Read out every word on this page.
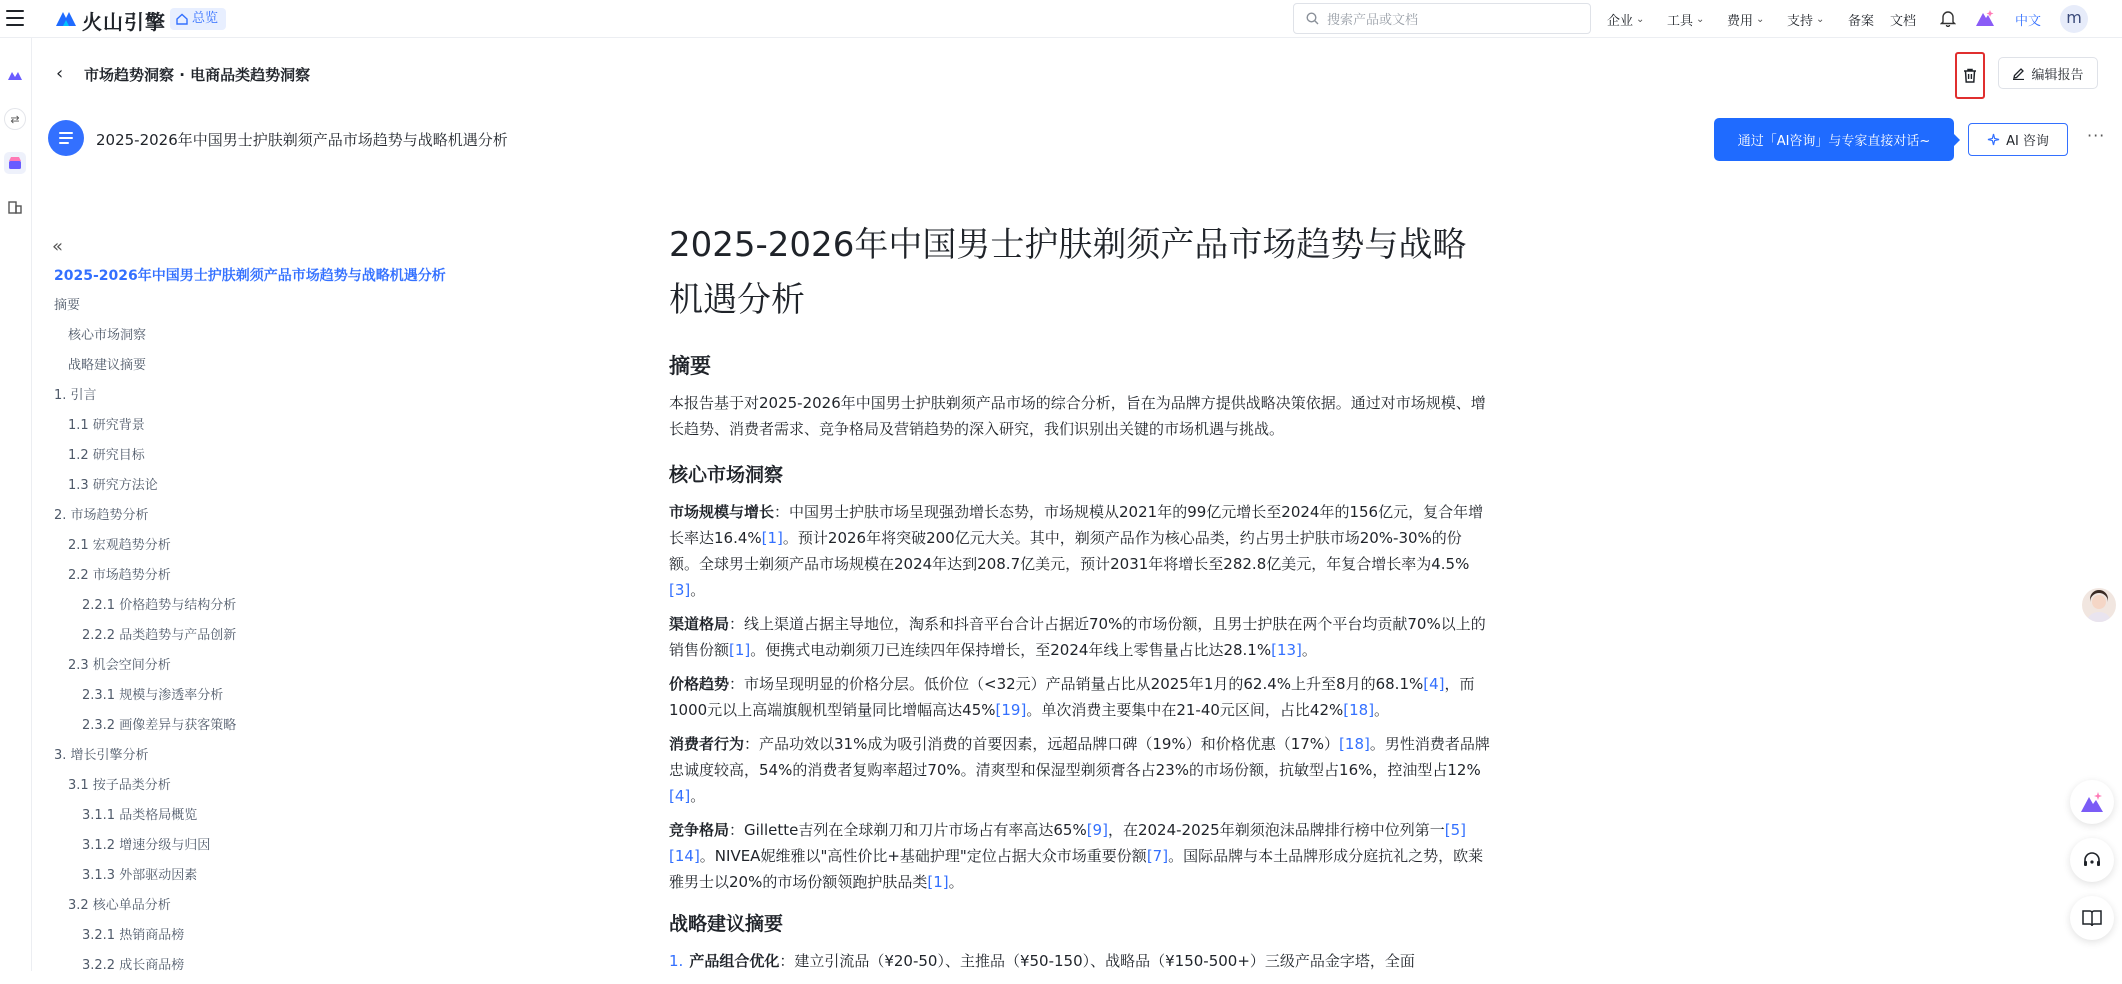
火山引擎 总览	搜索产品或文档	企业 ⌄ 工具 ⌄ 费用 ⌄ 支持 ⌄ 备案 文档	中文	m
⇄
‹ 市场趋势洞察 · 电商品类趋势洞察	编辑报告
2025-2026年中国男士护肤剃须产品市场趋势与战略机遇分析	通过「AI咨询」与专家直接对话~	AI 咨询 ···
«
2025-2026年中国男士护肤剃须产品市场趋势与战略机遇分析
摘要
核心市场洞察
战略建议摘要
1. 引言
1.1 研究背景
1.2 研究目标
1.3 研究方法论
2. 市场趋势分析
2.1 宏观趋势分析
2.2 市场趋势分析
2.2.1 价格趋势与结构分析
2.2.2 品类趋势与产品创新
2.3 机会空间分析
2.3.1 规模与渗透率分析
2.3.2 画像差异与获客策略
3. 增长引擎分析
3.1 按子品类分析
3.1.1 品类格局概览
3.1.2 增速分级与归因
3.1.3 外部驱动因素
3.2 核心单品分析
3.2.1 热销商品榜
3.2.2 成长商品榜
2025-2026年中国男士护肤剃须产品市场趋势与战略机遇分析
摘要
本报告基于对2025-2026年中国男士护肤剃须产品市场的综合分析，旨在为品牌方提供战略决策依据。通过对市场规模、增长趋势、消费者需求、竞争格局及营销趋势的深入研究，我们识别出关键的市场机遇与挑战。
核心市场洞察
市场规模与增长：中国男士护肤市场呈现强劲增长态势，市场规模从2021年的99亿元增长至2024年的156亿元，复合年增长率达16.4%[1]。预计2026年将突破200亿元大关。其中，剃须产品作为核心品类，约占男士护肤市场20%-30%的份额。全球男士剃须产品市场规模在2024年达到208.7亿美元，预计2031年将增长至282.8亿美元，年复合增长率为4.5%[3]。
渠道格局：线上渠道占据主导地位，淘系和抖音平台合计占据近70%的市场份额，且男士护肤在两个平台均贡献70%以上的销售份额[1]。便携式电动剃须刀已连续四年保持增长，至2024年线上零售量占比达28.1%[13]。
价格趋势：市场呈现明显的价格分层。低价位（<32元）产品销量占比从2025年1月的62.4%上升至8月的68.1%[4]，而1000元以上高端旗舰机型销量同比增幅高达45%[19]。单次消费主要集中在21-40元区间，占比42%[18]。
消费者行为：产品功效以31%成为吸引消费的首要因素，远超品牌口碑（19%）和价格优惠（17%）[18]。男性消费者品牌忠诚度较高，54%的消费者复购率超过70%。清爽型和保湿型剃须膏各占23%的市场份额，抗敏型占16%，控油型占12%[4]。
竞争格局：Gillette吉列在全球剃刀和刀片市场占有率高达65%[9]，在2024-2025年剃须泡沫品牌排行榜中位列第一[5][14]。NIVEA妮维雅以"高性价比+基础护理"定位占据大众市场重要份额[7]。国际品牌与本土品牌形成分庭抗礼之势，欧莱雅男士以20%的市场份额领跑护肤品类[1]。
战略建议摘要
1. 产品组合优化：建立引流品（¥20-50）、主推品（¥50-150）、战略品（¥150-500+）三级产品金字塔，全面
